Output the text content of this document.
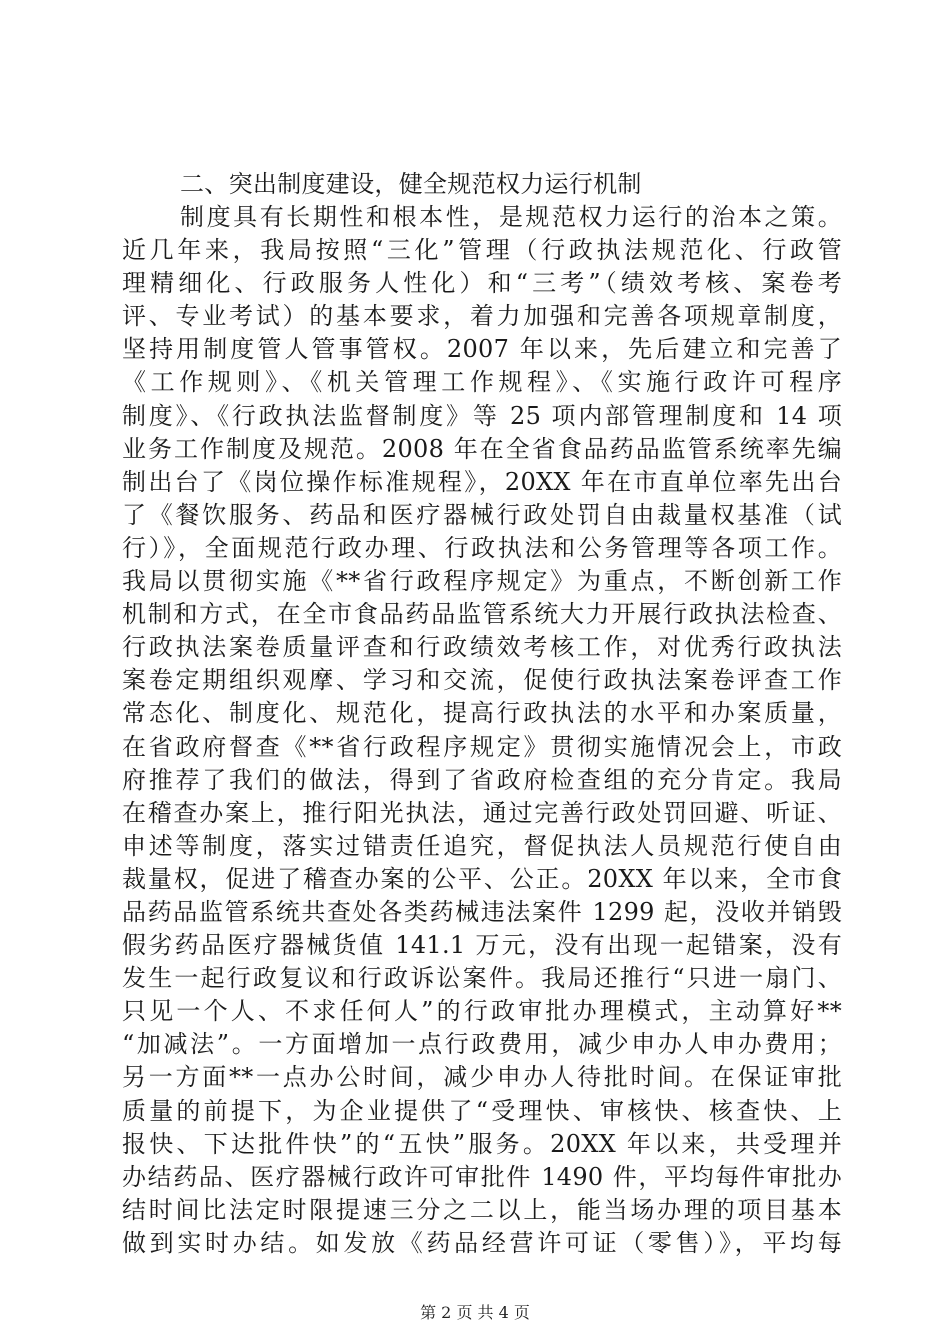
二、突出制度建设，健全规范权力运行机制

制度具有长期性和根本性，是规范权力运行的治本之策。
近几年来，我局按照“三化”管理（行政执法规范化、行政管
理精细化、行政服务人性化）和“三考”（绩效考核、案卷考
评、专业考试）的基本要求，着力加强和完善各项规章制度，
坚持用制度管人管事管权。2007 年以来，先后建立和完善了
《工作规则》、《机关管理工作规程》、《实施行政许可程序
制度》、《行政执法监督制度》等 25 项内部管理制度和 14 项
业务工作制度及规范。2008 年在全省食品药品监管系统率先编
制出台了《岗位操作标准规程》，20XX 年在市直单位率先出台
了《餐饮服务、药品和医疗器械行政处罚自由裁量权基准（试
行）》，全面规范行政办理、行政执法和公务管理等各项工作。
我局以贯彻实施《**省行政程序规定》为重点，不断创新工作
机制和方式，在全市食品药品监管系统大力开展行政执法检查、
行政执法案卷质量评查和行政绩效考核工作，对优秀行政执法
案卷定期组织观摩、学习和交流，促使行政执法案卷评查工作
常态化、制度化、规范化，提高行政执法的水平和办案质量，
在省政府督查《**省行政程序规定》贯彻实施情况会上，市政
府推荐了我们的做法，得到了省政府检查组的充分肯定。我局
在稽查办案上，推行阳光执法，通过完善行政处罚回避、听证、
申述等制度，落实过错责任追究，督促执法人员规范行使自由
裁量权，促进了稽查办案的公平、公正。20XX 年以来，全市食
品药品监管系统共查处各类药械违法案件 1299 起，没收并销毁
假劣药品医疗器械货值 141.1 万元，没有出现一起错案，没有
发生一起行政复议和行政诉讼案件。我局还推行“只进一扇门、
只见一个人、不求任何人”的行政审批办理模式，主动算好**
“加减法”。一方面增加一点行政费用，减少申办人申办费用；
另一方面**一点办公时间，减少申办人待批时间。在保证审批
质量的前提下，为企业提供了“受理快、审核快、核查快、上
报快、下达批件快”的“五快”服务。20XX 年以来，共受理并
办结药品、医疗器械行政许可审批件 1490 件，平均每件审批办
结时间比法定时限提速三分之二以上，能当场办理的项目基本
做到实时办结。如发放《药品经营许可证（零售）》，平均每
第 2 页 共 4 页
